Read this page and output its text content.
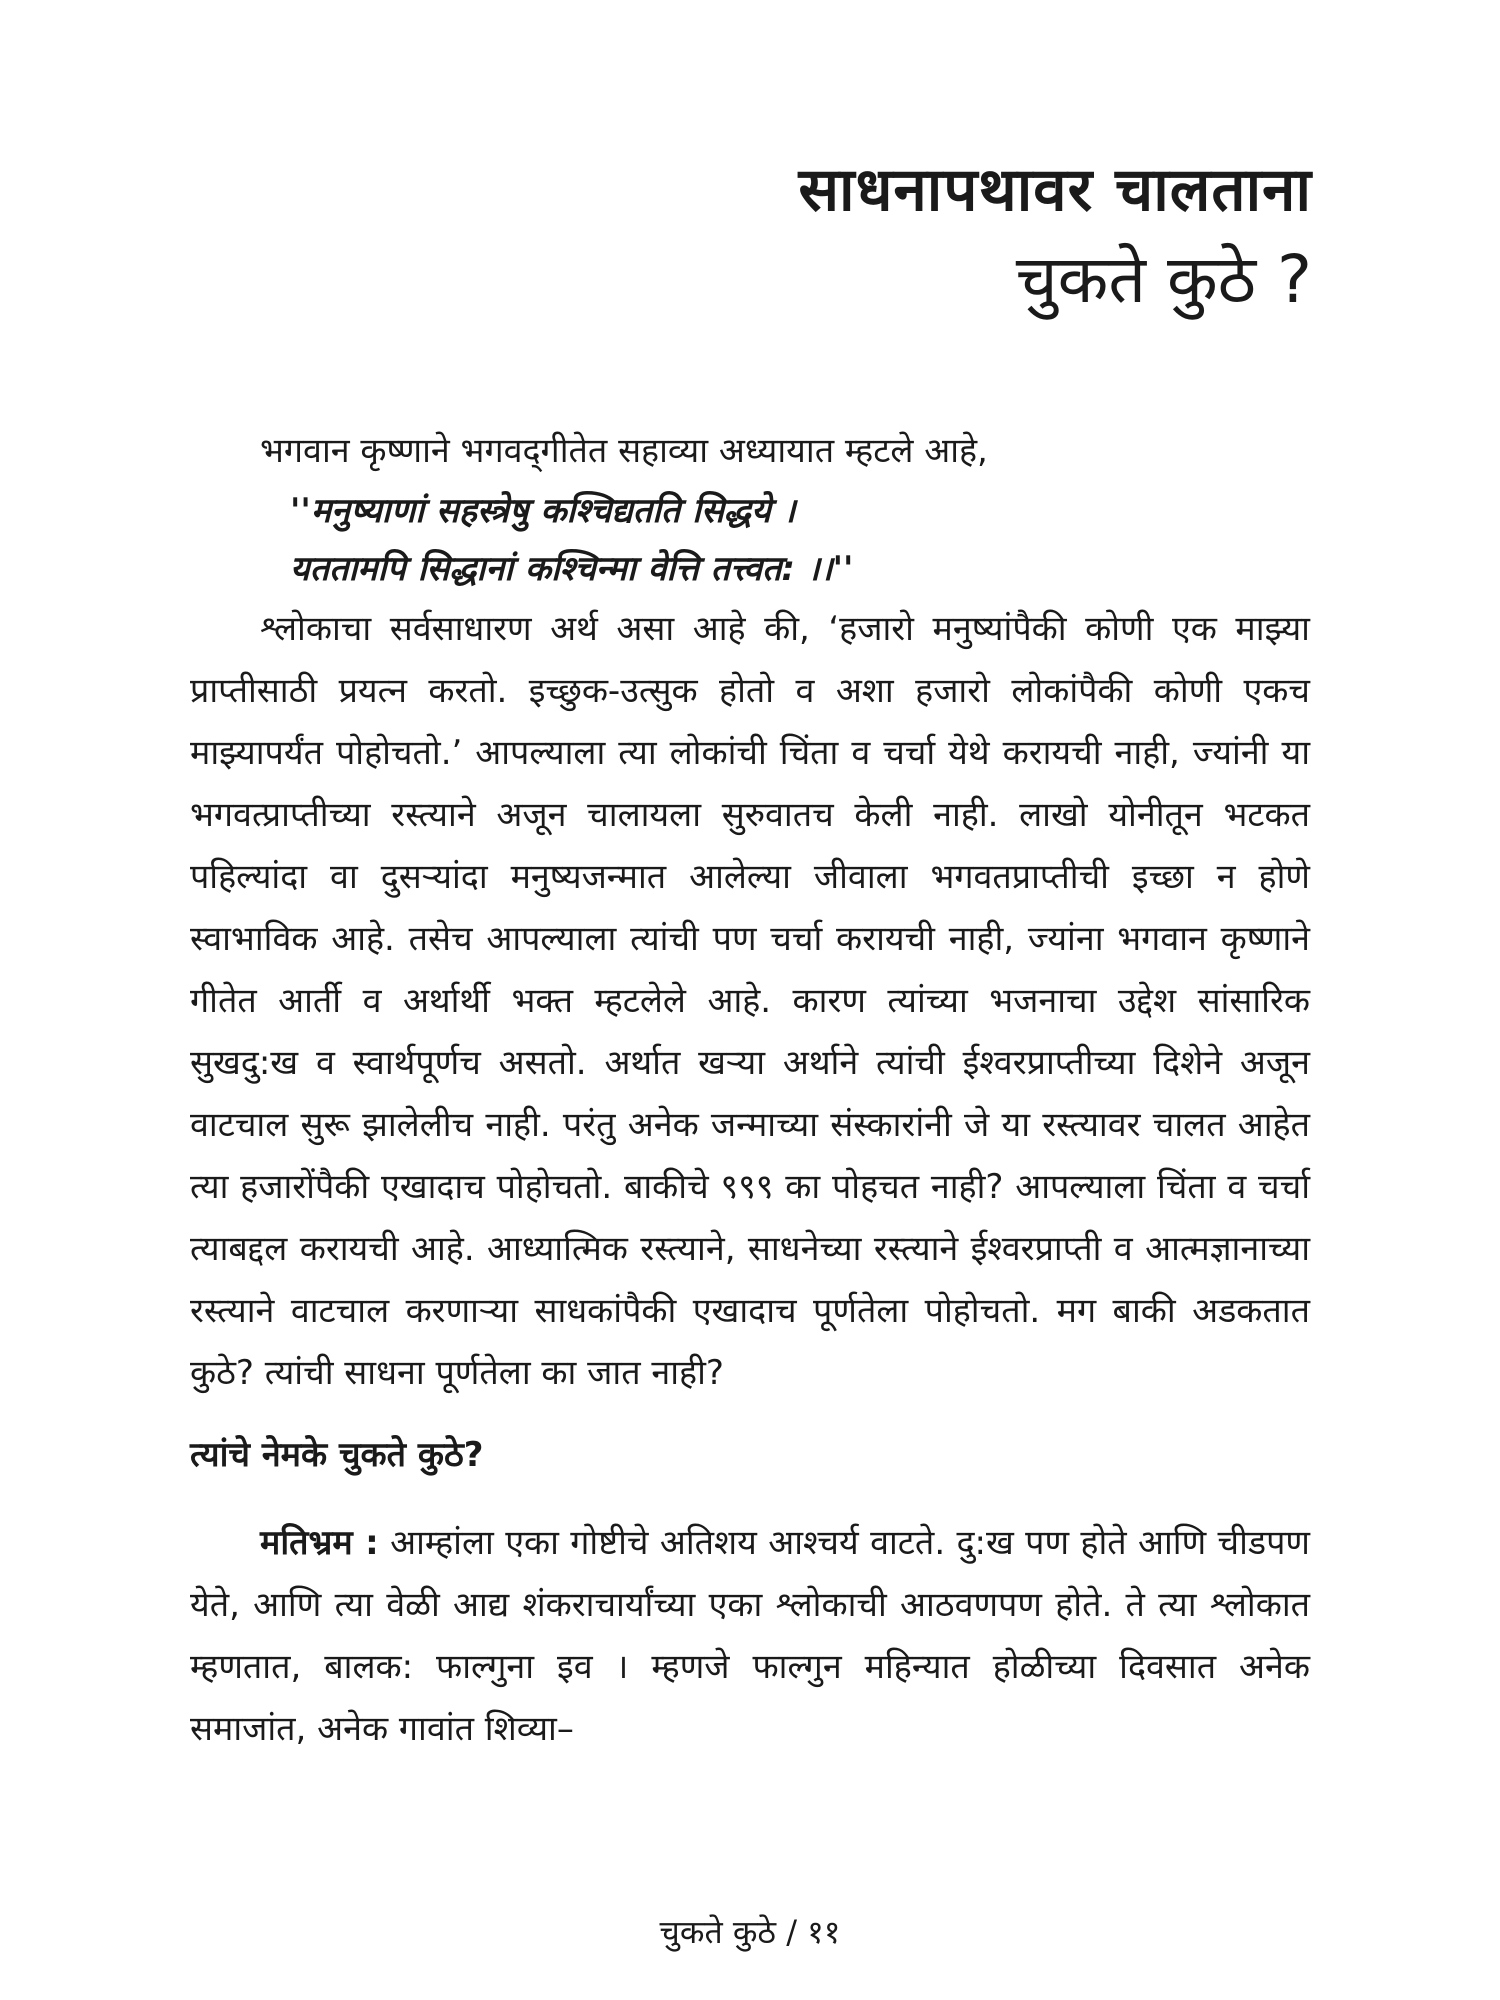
साधनापथावर चालताना

चुकते कुठे ?

भगवान कृष्णाने भगवद्‌गीतेत सहाव्या अध्यायात म्हटले आहे,

''मनुष्याणां सहस्त्रेषु कश्चिद्यतति सिद्धये ।

यततामपि सिद्धानां कश्चिन्मा वेत्ति तत्त्वत: ।।''

श्लोकाचा सर्वसाधारण अर्थ असा आहे की, ‘हजारो मनुष्यांपैकी कोणी एक माझ्या प्राप्तीसाठी प्रयत्न करतो. इच्छुक-उत्सुक होतो व अशा हजारो लोकांपैकी कोणी एकच माझ्यापर्यंत पोहोचतो.’ आपल्याला त्या लोकांची चिंता व चर्चा येथे करायची नाही, ज्यांनी या भगवत्प्राप्तीच्या रस्त्याने अजून चालायला सुरुवातच केली नाही. लाखो योनीतून भटकत पहिल्यांदा वा दुसऱ्यांदा मनुष्यजन्मात आलेल्या जीवाला भगवतप्राप्तीची इच्छा न होणे स्वाभाविक आहे. तसेच आपल्याला त्यांची पण चर्चा करायची नाही, ज्यांना भगवान कृष्णाने गीतेत आर्ती व अर्थार्थी भक्त म्हटलेले आहे. कारण त्यांच्या भजनाचा उद्देश सांसारिक सुखदु:ख व स्वार्थपूर्णच असतो. अर्थात खऱ्या अर्थाने त्यांची ईश्वरप्राप्तीच्या दिशेने अजून वाटचाल सुरू झालेलीच नाही. परंतु अनेक जन्माच्या संस्कारांनी जे या रस्त्यावर चालत आहेत त्या हजारोंपैकी एखादाच पोहोचतो. बाकीचे ९९९ का पोहचत नाही? आपल्याला चिंता व चर्चा त्याबद्दल करायची आहे. आध्यात्मिक रस्त्याने, साधनेच्या रस्त्याने ईश्वरप्राप्ती व आत्मज्ञानाच्या रस्त्याने वाटचाल करणाऱ्या साधकांपैकी एखादाच पूर्णतेला पोहोचतो. मग बाकी अडकतात कुठे? त्यांची साधना पूर्णतेला का जात नाही?

त्यांचे नेमके चुकते कुठे?

मतिभ्रम : आम्हांला एका गोष्टीचे अतिशय आश्चर्य वाटते. दु:ख पण होते आणि चीडपण येते, आणि त्या वेळी आद्य शंकराचार्यांच्या एका श्लोकाची आठवणपण होते. ते त्या श्लोकात म्हणतात, बालक: फाल्गुना इव । म्हणजे फाल्गुन महिन्यात होळीच्या दिवसात अनेक समाजांत, अनेक गावांत शिव्या–

चुकते कुठे / ११
